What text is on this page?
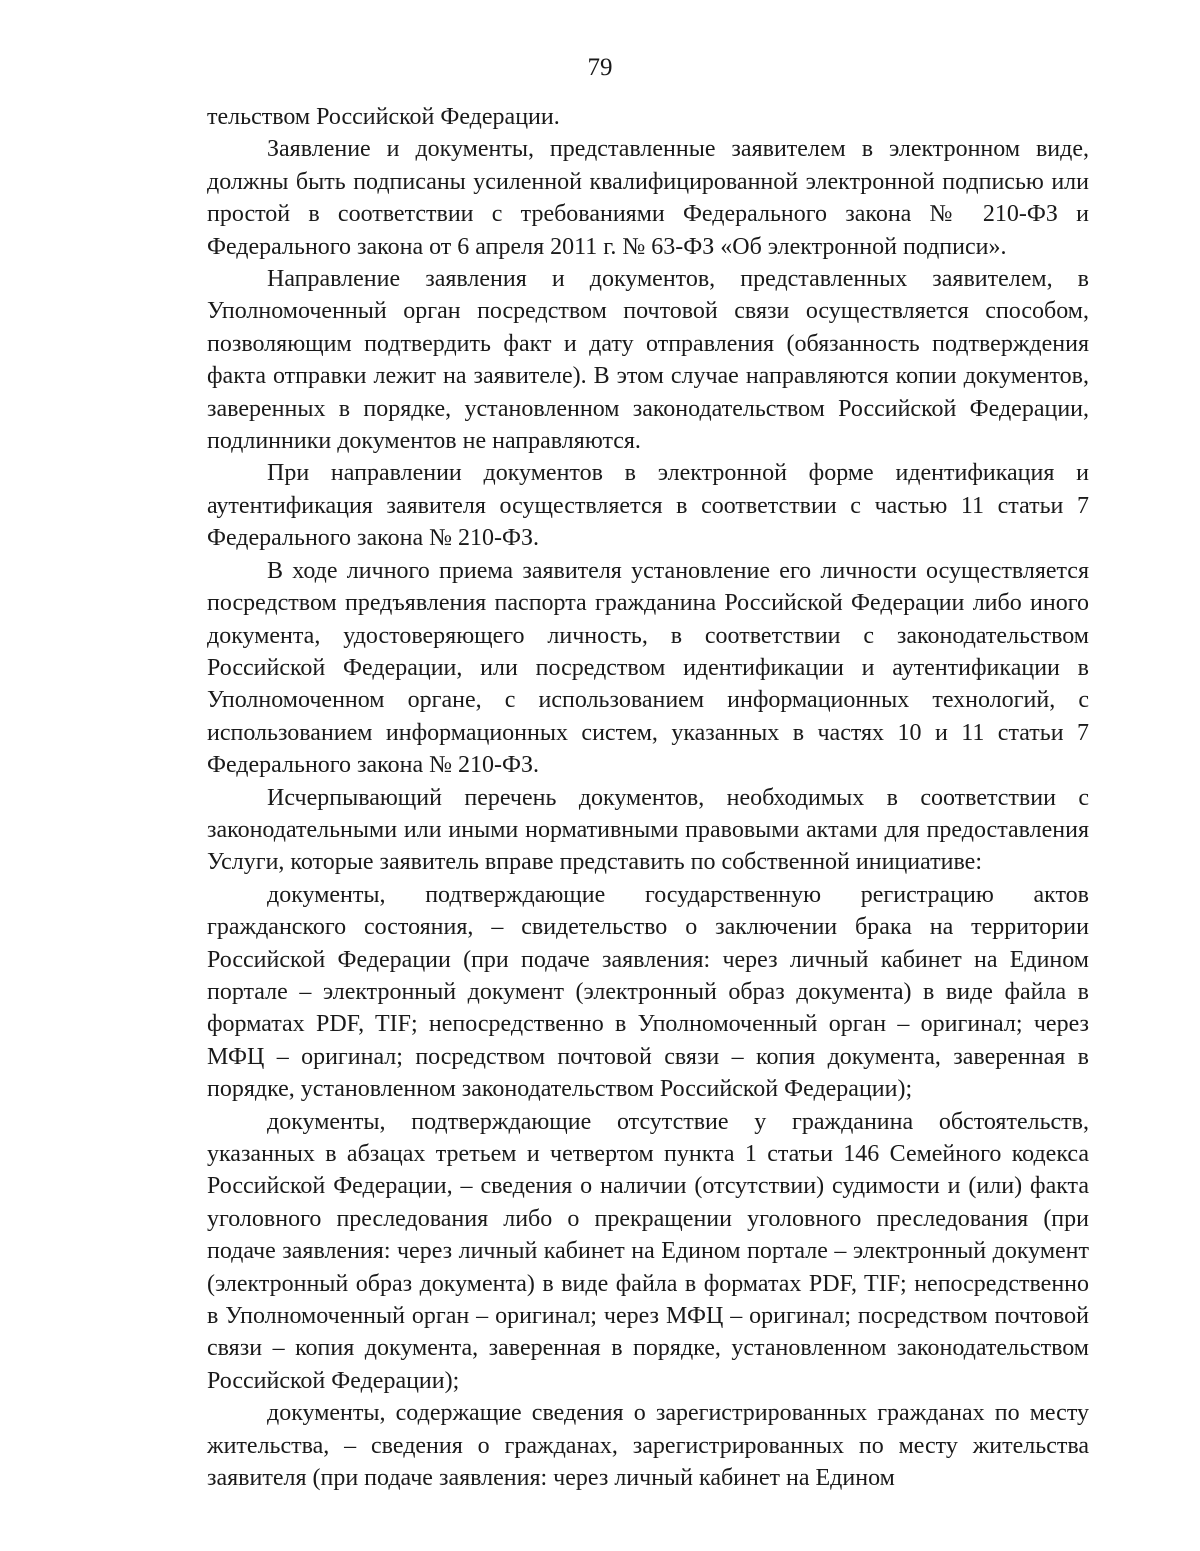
79

тельством Российской Федерации.

Заявление и документы, представленные заявителем в электронном виде, должны быть подписаны усиленной квалифицированной электронной подписью или простой в соответствии с требованиями Федерального закона № 210-ФЗ и Федерального закона от 6 апреля 2011 г. № 63-ФЗ «Об электронной подписи».

Направление заявления и документов, представленных заявителем, в Уполномоченный орган посредством почтовой связи осуществляется способом, позволяющим подтвердить факт и дату отправления (обязанность подтверждения факта отправки лежит на заявителе). В этом случае направляются копии документов, заверенных в порядке, установленном законодательством Российской Федерации, подлинники документов не направляются.

При направлении документов в электронной форме идентификация и аутентификация заявителя осуществляется в соответствии с частью 11 статьи 7 Федерального закона № 210-ФЗ.

В ходе личного приема заявителя установление его личности осуществляется посредством предъявления паспорта гражданина Российской Федерации либо иного документа, удостоверяющего личность, в соответствии с законодательством Российской Федерации, или посредством идентификации и аутентификации в Уполномоченном органе, с использованием информационных технологий, с использованием информационных систем, указанных в частях 10 и 11 статьи 7 Федерального закона № 210-ФЗ.

Исчерпывающий перечень документов, необходимых в соответствии с законодательными или иными нормативными правовыми актами для предоставления Услуги, которые заявитель вправе представить по собственной инициативе:

документы, подтверждающие государственную регистрацию актов гражданского состояния, – свидетельство о заключении брака на территории Российской Федерации (при подаче заявления: через личный кабинет на Едином портале – электронный документ (электронный образ документа) в виде файла в форматах PDF, TIF; непосредственно в Уполномоченный орган – оригинал; через МФЦ – оригинал; посредством почтовой связи – копия документа, заверенная в порядке, установленном законодательством Российской Федерации);

документы, подтверждающие отсутствие у гражданина обстоятельств, указанных в абзацах третьем и четвертом пункта 1 статьи 146 Семейного кодекса Российской Федерации, – сведения о наличии (отсутствии) судимости и (или) факта уголовного преследования либо о прекращении уголовного преследования (при подаче заявления: через личный кабинет на Едином портале – электронный документ (электронный образ документа) в виде файла в форматах PDF, TIF; непосредственно в Уполномоченный орган – оригинал; через МФЦ – оригинал; посредством почтовой связи – копия документа, заверенная в порядке, установленном законодательством Российской Федерации);

документы, содержащие сведения о зарегистрированных гражданах по месту жительства, – сведения о гражданах, зарегистрированных по месту жительства заявителя (при подаче заявления: через личный кабинет на Едином
